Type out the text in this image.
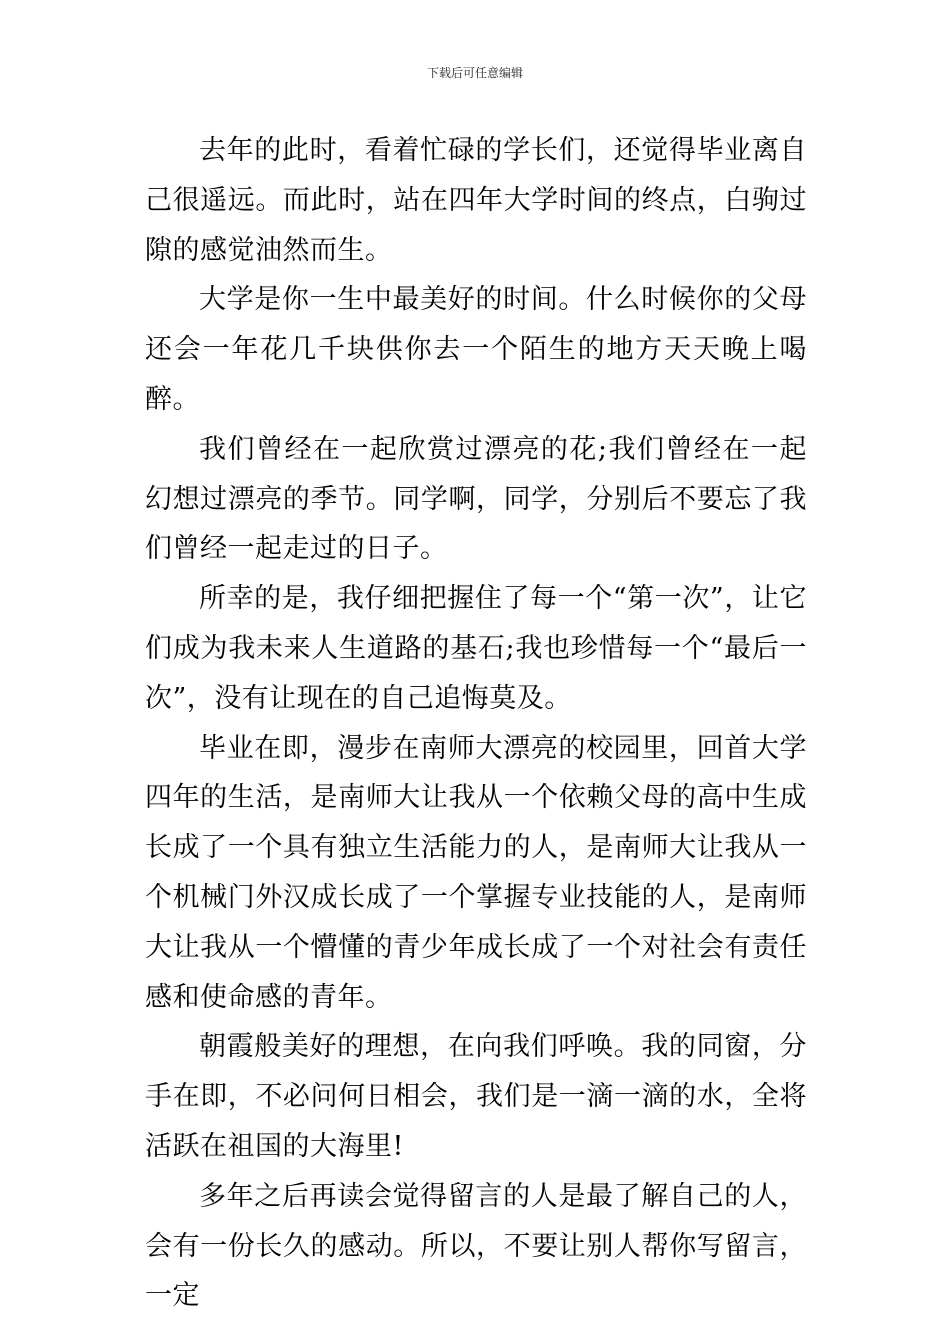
下载后可任意编辑

去年的此时，看着忙碌的学长们，还觉得毕业离自己很遥远。而此时，站在四年大学时间的终点，白驹过隙的感觉油然而生。

大学是你一生中最美好的时间。什么时候你的父母还会一年花几千块供你去一个陌生的地方天天晚上喝醉。

我们曾经在一起欣赏过漂亮的花;我们曾经在一起幻想过漂亮的季节。同学啊，同学，分别后不要忘了我们曾经一起走过的日子。

所幸的是，我仔细把握住了每一个“第一次”，让它们成为我未来人生道路的基石;我也珍惜每一个“最后一次”，没有让现在的自己追悔莫及。

毕业在即，漫步在南师大漂亮的校园里，回首大学四年的生活，是南师大让我从一个依赖父母的高中生成长成了一个具有独立生活能力的人，是南师大让我从一个机械门外汉成长成了一个掌握专业技能的人，是南师大让我从一个懵懂的青少年成长成了一个对社会有责任感和使命感的青年。

朝霞般美好的理想，在向我们呼唤。我的同窗，分手在即，不必问何日相会，我们是一滴一滴的水，全将活跃在祖国的大海里!

多年之后再读会觉得留言的人是最了解自己的人，会有一份长久的感动。所以，不要让别人帮你写留言，一定
